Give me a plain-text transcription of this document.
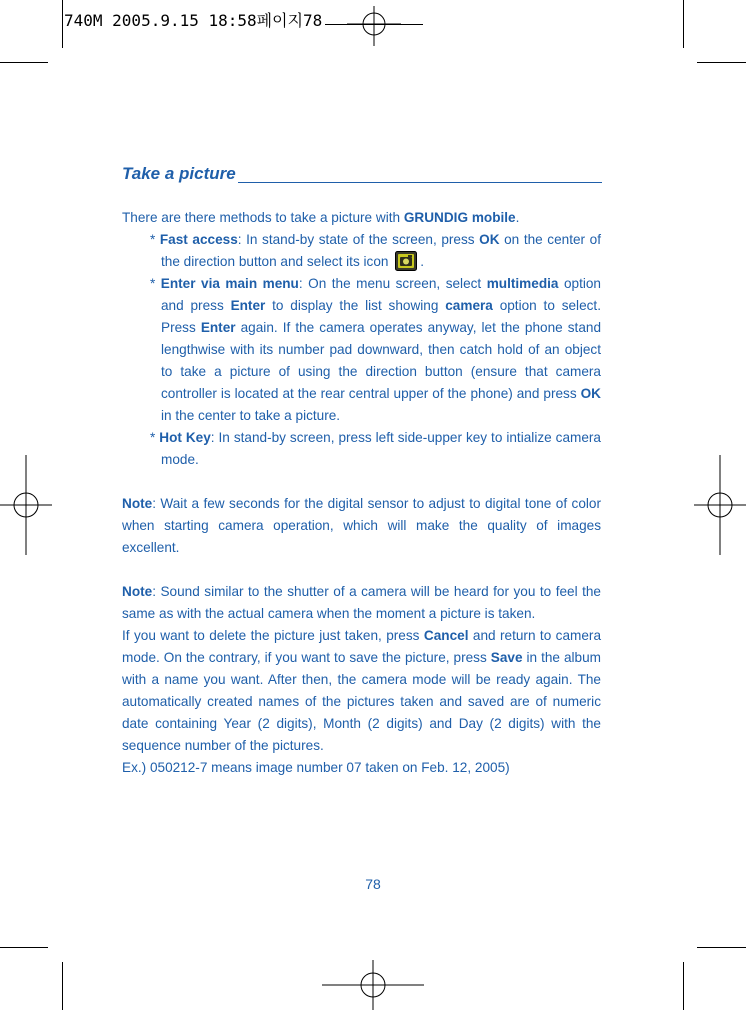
740M 2005.9.15 18:58페이지78
Take a picture

There are there methods to take a picture with GRUNDIG mobile.

* Fast access: In stand-by state of the screen, press OK on the center of the direction button and select its icon .

* Enter via main menu: On the menu screen, select multimedia option and press Enter to display the list showing camera option to select. Press Enter again. If the camera operates anyway, let the phone stand lengthwise with its number pad downward, then catch hold of an object to take a picture of using the direction button (ensure that camera controller is located at the rear central upper of the phone) and press OK in the center to take a picture.

* Hot Key: In stand-by screen, press left side-upper key to intialize camera mode.

Note: Wait a few seconds for the digital sensor to adjust to digital tone of color when starting camera operation, which will make the quality of images excellent.

Note: Sound similar to the shutter of a camera will be heard for you to feel the same as with the actual camera when the moment a picture is taken.

If you want to delete the picture just taken, press Cancel and return to camera mode. On the contrary, if you want to save the picture, press Save in the album with a name you want. After then, the camera mode will be ready again. The automatically created names of the pictures taken and saved are of numeric date containing Year (2 digits), Month (2 digits) and Day (2 digits) with the sequence number of the pictures.

Ex.) 050212-7 means image number 07 taken on Feb. 12, 2005)

78
